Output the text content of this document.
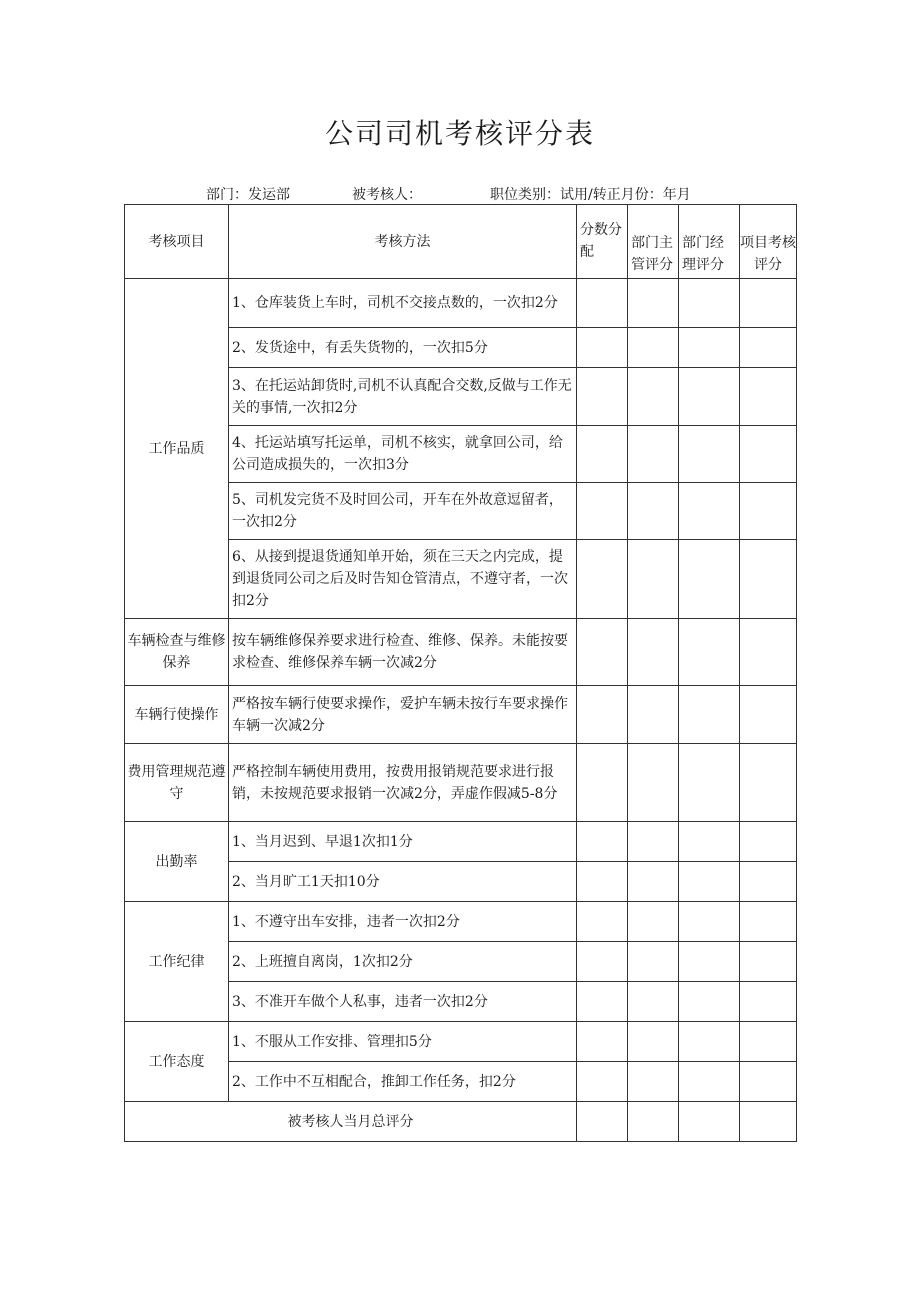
公司司机考核评分表
部门：发运部	被考核人：	职位类别：试用/转正月份：年月
考核项目	考核方法	分数分配	部门主管评分	部门经理评分	项目考核评分
工作品质	1、仓库装货上车时，司机不交接点数的，一次扣2分				
	2、发货途中，有丢失货物的，一次扣5分				
	3、在托运站卸货时,司机不认真配合交数,反做与工作无关的事情,一次扣2分				
	4、托运站填写托运单，司机不核实，就拿回公司，给公司造成损失的，一次扣3分				
	5、司机发完货不及时回公司，开车在外故意逗留者，一次扣2分				
	6、从接到提退货通知单开始，须在三天之内完成，提到退货同公司之后及时告知仓管清点，不遵守者，一次扣2分				
车辆检查与维修保养	按车辆维修保养要求进行检查、维修、保养。未能按要求检查、维修保养车辆一次减2分				
车辆行使操作	严格按车辆行使要求操作，爱护车辆未按行车要求操作车辆一次减2分				
费用管理规范遵守	严格控制车辆使用费用，按费用报销规范要求进行报销，未按规范要求报销一次减2分，弄虚作假减5-8分				
出勤率	1、当月迟到、早退1次扣1分				
	2、当月旷工1天扣10分				
工作纪律	1、不遵守出车安排，违者一次扣2分				
	2、上班擅自离岗，1次扣2分				
	3、不准开车做个人私事，违者一次扣2分				
工作态度	1、不服从工作安排、管理扣5分				
	2、工作中不互相配合，推卸工作任务，扣2分				
被考核人当月总评分					
